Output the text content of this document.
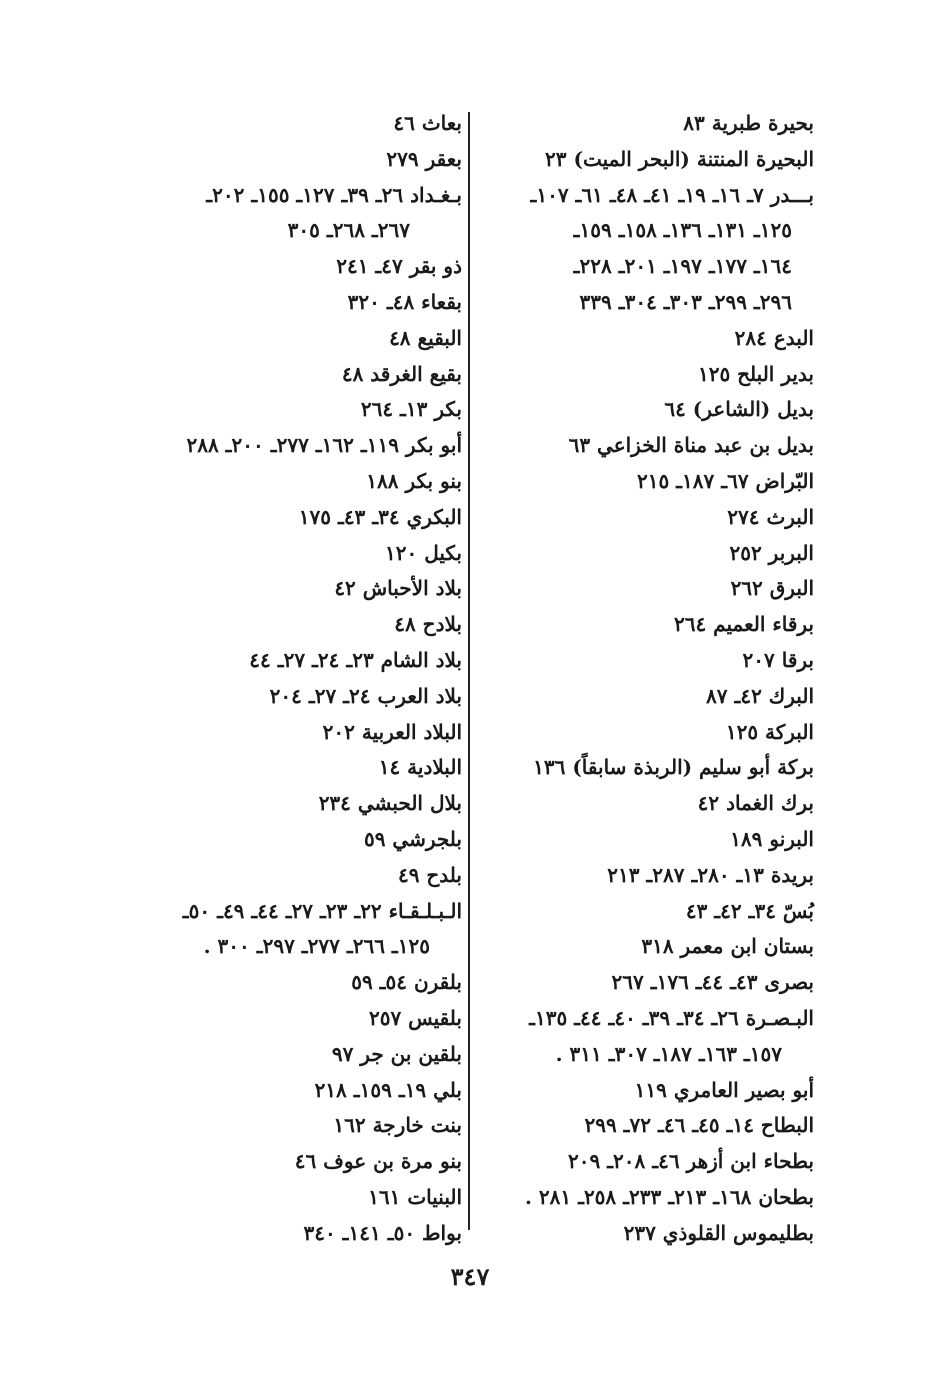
بحيرة طبرية ٨٣
البحيرة المنتنة (البحر الميت) ٢٣
بـــدر ٧ـ ١٦ـ ١٩ـ ٤١ـ ٤٨ـ ٦١ـ ١٠٧ـ
١٢٥ـ ١٣١ـ ١٣٦ـ ١٥٨ـ ١٥٩ـ
١٦٤ـ ١٧٧ـ ١٩٧ـ ٢٠١ـ ٢٢٨ـ
٢٩٦ـ ٢٩٩ـ ٣٠٣ـ ٣٠٤ـ ٣٣٩
البدع ٢٨٤
بدير البلح ١٢٥
بديل (الشاعر) ٦٤
بديل بن عبد مناة الخزاعي ٦٣
البّراض ٦٧ـ ١٨٧ـ ٢١٥
البرث ٢٧٤
البربر ٢٥٢
البرق ٢٦٢
برقاء العميم ٢٦٤
برقا ٢٠٧
البرك ٤٢ـ ٨٧
البركة ١٢٥
بركة أبو سليم (الربذة سابقاً) ١٣٦
برك الغماد ٤٢
البرنو ١٨٩
بريدة ١٣ـ ٢٨٠ـ ٢٨٧ـ ٢١٣
بُسّ ٣٤ـ ٤٢ـ ٤٣
بستان ابن معمر ٣١٨
بصرى ٤٣ـ ٤٤ـ ١٧٦ـ ٢٦٧
البـصـرة ٢٦ـ ٣٤ـ ٣٩ـ ٤٠ـ ٤٤ـ ١٣٥ـ
١٥٧ـ ١٦٣ـ ١٨٧ـ ٣٠٧ـ ٣١١ .
أبو بصير العامري ١١٩
البطاح ١٤ـ ٤٥ـ ٤٦ـ ٧٢ـ ٢٩٩
بطحاء ابن أزهر ٤٦ـ ٢٠٨ـ ٢٠٩
بطحان ١٦٨ـ ٢١٣ـ ٢٣٣ـ ٢٥٨ـ ٢٨١ .
بطليموس القلوذي ٢٣٧
بعاث ٤٦
بعقر ٢٧٩
بـغـداد ٢٦ـ ٣٩ـ ١٢٧ـ ١٥٥ـ ٢٠٢ـ
٢٦٧ـ ٢٦٨ـ ٣٠٥
ذو بقر ٤٧ـ ٢٤١
بقعاء ٤٨ـ ٣٢٠
البقيع ٤٨
بقيع الغرقد ٤٨
بكر ١٣ـ ٢٦٤
أبو بكر ١١٩ـ ١٦٢ـ ٢٧٧ـ ٢٠٠ـ ٢٨٨
بنو بكر ١٨٨
البكري ٣٤ـ ٤٣ـ ١٧٥
بكيل ١٢٠
بلاد الأحباش ٤٢
بلادح ٤٨
بلاد الشام ٢٣ـ ٢٤ـ ٢٧ـ ٤٤
بلاد العرب ٢٤ـ ٢٧ـ ٢٠٤
البلاد العربية ٢٠٢
البلادية ١٤
بلال الحبشي ٢٣٤
بلجرشي ٥٩
بلدح ٤٩
الـبـلـقـاء ٢٢ـ ٢٣ـ ٢٧ـ ٤٤ـ ٤٩ـ ٥٠ـ
١٢٥ـ ٢٦٦ـ ٢٧٧ـ ٢٩٧ـ ٣٠٠ .
بلقرن ٥٤ـ ٥٩
بلقيس ٢٥٧
بلقين بن جر ٩٧
بلي ١٩ـ ١٥٩ـ ٢١٨
بنت خارجة ١٦٢
بنو مرة بن عوف ٤٦
البنيات ١٦١
بواط ٥٠ـ ١٤١ـ ٣٤٠
٣٤٧
